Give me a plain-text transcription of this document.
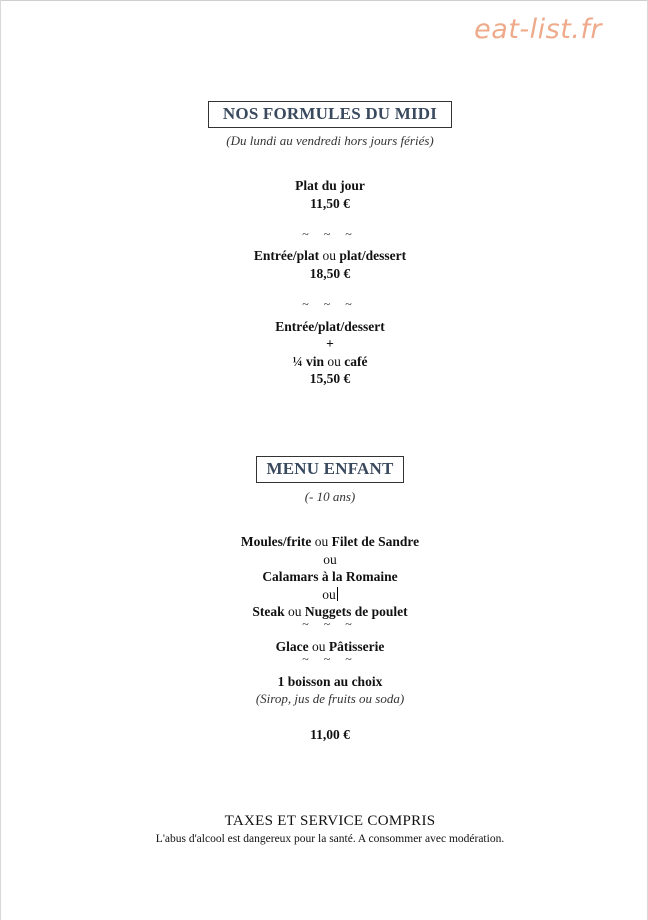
eat-list.fr
NOS FORMULES DU MIDI
(Du lundi au vendredi hors jours fériés)
Plat du jour
11,50 €
~ ~ ~
Entrée/plat ou plat/dessert
18,50 €
~ ~ ~
Entrée/plat/dessert
+
¼ vin ou café
15,50 €
MENU ENFANT
(- 10 ans)
Moules/frite ou Filet de Sandre
ou
Calamars à la Romaine
ou
Steak ou Nuggets de poulet
~ ~ ~
Glace ou Pâtisserie
~ ~ ~
1 boisson au choix
(Sirop, jus de fruits ou soda)
11,00 €
TAXES ET SERVICE COMPRIS
L'abus d'alcool est dangereux pour la santé. A consommer avec modération.
